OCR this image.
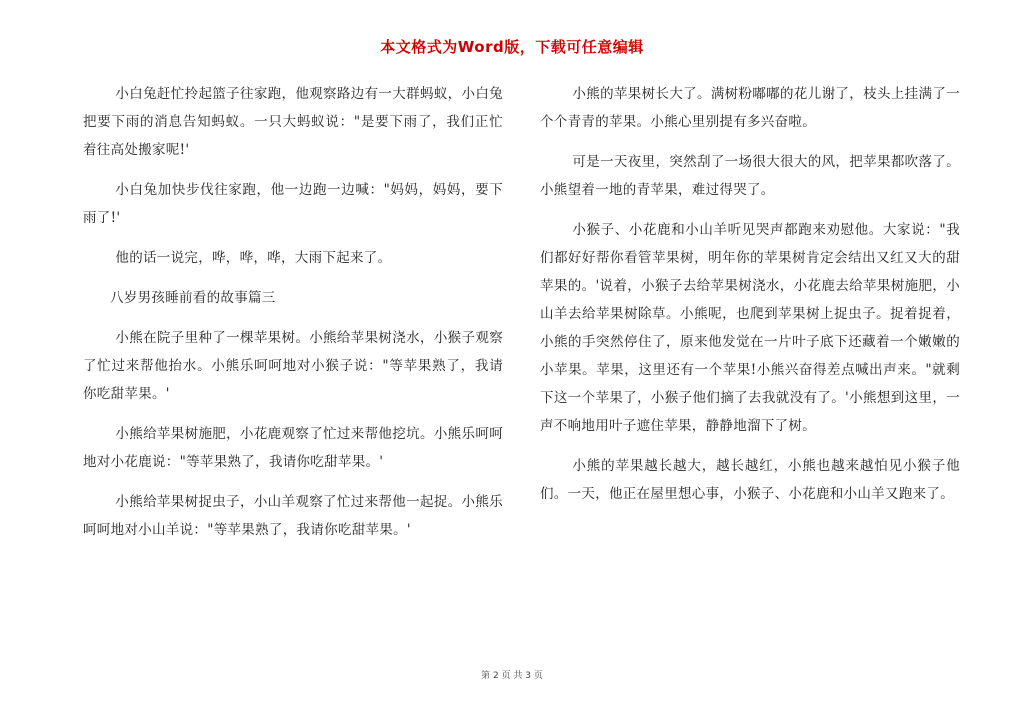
本文格式为Word版，下载可任意编辑

小白兔赶忙拎起篮子往家跑，他观察路边有一大群蚂蚁，小白兔把要下雨的消息告知蚂蚁。一只大蚂蚁说："是要下雨了，我们正忙着往高处搬家呢!'

小白兔加快步伐往家跑，他一边跑一边喊："妈妈，妈妈，要下雨了!'

他的话一说完，哗，哗，哗，大雨下起来了。

八岁男孩睡前看的故事篇三

小熊在院子里种了一棵苹果树。小熊给苹果树浇水，小猴子观察了忙过来帮他抬水。小熊乐呵呵地对小猴子说："等苹果熟了，我请你吃甜苹果。'

小熊给苹果树施肥，小花鹿观察了忙过来帮他挖坑。小熊乐呵呵地对小花鹿说："等苹果熟了，我请你吃甜苹果。'

小熊给苹果树捉虫子，小山羊观察了忙过来帮他一起捉。小熊乐呵呵地对小山羊说："等苹果熟了，我请你吃甜苹果。'

小熊的苹果树长大了。满树粉嘟嘟的花儿谢了，枝头上挂满了一个个青青的苹果。小熊心里别提有多兴奋啦。

可是一天夜里，突然刮了一场很大很大的风，把苹果都吹落了。小熊望着一地的青苹果，难过得哭了。

小猴子、小花鹿和小山羊听见哭声都跑来劝慰他。大家说："我们都好好帮你看管苹果树，明年你的苹果树肯定会结出又红又大的甜苹果的。'说着，小猴子去给苹果树浇水，小花鹿去给苹果树施肥，小山羊去给苹果树除草。小熊呢，也爬到苹果树上捉虫子。捉着捉着，小熊的手突然停住了，原来他发觉在一片叶子底下还藏着一个嫩嫩的小苹果。苹果，这里还有一个苹果!小熊兴奋得差点喊出声来。"就剩下这一个苹果了，小猴子他们摘了去我就没有了。'小熊想到这里，一声不响地用叶子遮住苹果，静静地溜下了树。

小熊的苹果越长越大，越长越红，小熊也越来越怕见小猴子他们。一天，他正在屋里想心事，小猴子、小花鹿和小山羊又跑来了。

第 2 页 共 3 页
